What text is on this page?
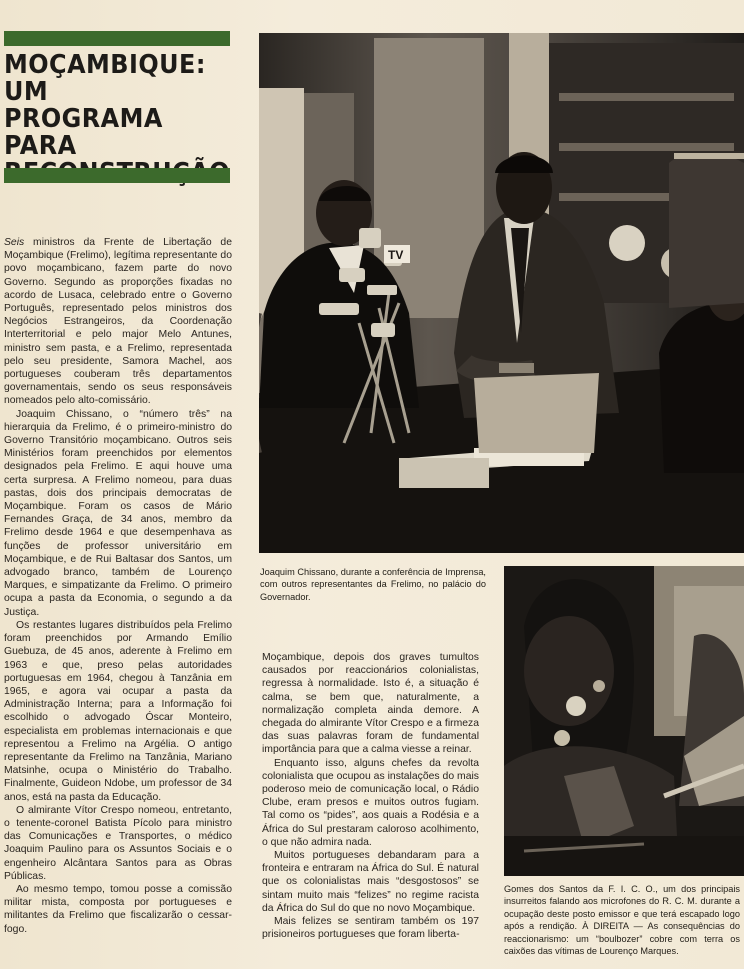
MOÇAMBIQUE:
UM PROGRAMA
PARA

Seis ministros da Frente de Libertação de Moçambique (Frelimo), legítima representante do povo moçambicano, fazem parte do novo Governo. Segundo as proporções fixadas no acordo de Lusaca, celebrado entre o Governo Português, representado pelos ministros dos Negócios Estrangeiros, da Coordenação Interterritorial e pelo major Melo Antunes, ministro sem pasta, e a Frelimo, representada pelo seu presidente, Samora Machel, aos portugueses couberam três departamentos governamentais, sendo os seus responsáveis nomeados pelo alto-comissário.

Joaquim Chissano, o “número três” na hierarquia da Frelimo, é o primeiro-ministro do Governo Transitório moçambicano. Outros seis Ministérios foram preenchidos por elementos designados pela Frelimo. E aqui houve uma certa surpresa. A Frelimo nomeou, para duas pastas, dois dos principais democratas de Moçambique. Foram os casos de Mário Fernandes Graça, de 34 anos, membro da Frelimo desde 1964 e que desempenhava as funções de professor universitário em Moçambique, e de Rui Baltasar dos Santos, um advogado branco, também de Lourenço Marques, e simpatizante da Frelimo. O primeiro ocupa a pasta da Economia, o segundo a da Justiça.

Os restantes lugares distribuídos pela Frelimo foram preenchidos por Armando Emílio Guebuza, de 45 anos, aderente à Frelimo em 1963 e que, preso pelas autoridades portuguesas em 1964, chegou à Tanzânia em 1965, e agora vai ocupar a pasta da Administração Interna; para a Informação foi escolhido o advogado Óscar Monteiro, especialista em problemas internacionais e que representou a Frelimo na Argélia. O antigo representante da Frelimo na Tanzânia, Mariano Matsinhe, ocupa o Ministério do Trabalho. Finalmente, Guideon Ndobe, um professor de 34 anos, está na pasta da Educação.

O almirante Vítor Crespo nomeou, entretanto, o tenente-coronel Batista Pícolo para ministro das Comunicações e Transportes, o médico Joaquim Paulino para os Assuntos Sociais e o engenheiro Alcântara Santos para as Obras Públicas.

Ao mesmo tempo, tomou posse a comissão militar mista, composta por portugueses e militantes da Frelimo que fiscalizarão o cessar-fogo.

TV
Joaquim Chissano, durante a conferência de Imprensa, com outros representantes da Frelimo, no palácio do Governador.

Moçambique, depois dos graves tumultos causados por reaccionários colonialistas, regressa à normalidade. Isto é, a situação é calma, se bem que, naturalmente, a normalização completa ainda demore. A chegada do almirante Vítor Crespo e a firmeza das suas palavras foram de fundamental importância para que a calma viesse a reinar.

Enquanto isso, alguns chefes da revolta colonialista que ocupou as instalações do mais poderoso meio de comunicação local, o Rádio Clube, eram presos e muitos outros fugiam. Tal como os “pides”, aos quais a Rodésia e a África do Sul prestaram caloroso acolhimento, o que não admira nada.

Muitos portugueses debandaram para a fronteira e entraram na África do Sul. É natural que os colonialistas mais “desgostosos” se sintam muito mais “felizes” no regime racista da África do Sul do que no novo Moçambique.

Mais felizes se sentiram também os 197 prisioneiros portugueses que foram liberta-

Gomes dos Santos da F. I. C. O., um dos principais insurreitos falando aos microfones do R. C. M. durante a ocupação deste posto emissor e que terá escapado logo após a rendição. À DIREITA — As consequências do reaccionarismo: um “boulbozer” cobre com terra os caixões das vítimas de Lourenço Marques.
